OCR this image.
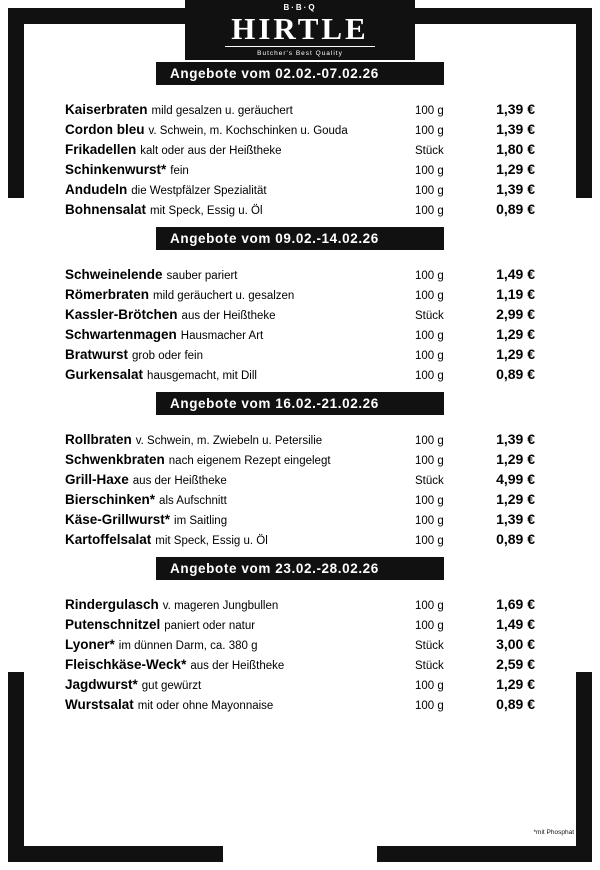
B·B·Q
HIRTLE
Butcher's Best Quality
Angebote vom 02.02.-07.02.26
Kaiserbraten mild gesalzen u. geräuchert	100 g	1,39 €
Cordon bleu v. Schwein, m. Kochschinken u. Gouda	100 g	1,39 €
Frikadellen kalt oder aus der Heißtheke	Stück	1,80 €
Schinkenwurst* fein	100 g	1,29 €
Andudeln die Westpfälzer Spezialität	100 g	1,39 €
Bohnensalat mit Speck, Essig u. Öl	100 g	0,89 €
Angebote vom 09.02.-14.02.26
Schweinelende sauber pariert	100 g	1,49 €
Römerbraten mild geräuchert u. gesalzen	100 g	1,19 €
Kassler-Brötchen aus der Heißtheke	Stück	2,99 €
Schwartenmagen Hausmacher Art	100 g	1,29 €
Bratwurst grob oder fein	100 g	1,29 €
Gurkensalat hausgemacht, mit Dill	100 g	0,89 €
Angebote vom 16.02.-21.02.26
Rollbraten v. Schwein, m. Zwiebeln u. Petersilie	100 g	1,39 €
Schwenkbraten nach eigenem Rezept eingelegt	100 g	1,29 €
Grill-Haxe aus der Heißtheke	Stück	4,99 €
Bierschinken* als Aufschnitt	100 g	1,29 €
Käse-Grillwurst* im Saitling	100 g	1,39 €
Kartoffelsalat mit Speck, Essig u. Öl	100 g	0,89 €
Angebote vom 23.02.-28.02.26
Rindergulasch v. mageren Jungbullen	100 g	1,69 €
Putenschnitzel paniert oder natur	100 g	1,49 €
Lyoner* im dünnen Darm, ca. 380 g	Stück	3,00 €
Fleischkäse-Weck* aus der Heißtheke	Stück	2,59 €
Jagdwurst* gut gewürzt	100 g	1,29 €
Wurstsalat mit oder ohne Mayonnaise	100 g	0,89 €
*mit Phosphat
